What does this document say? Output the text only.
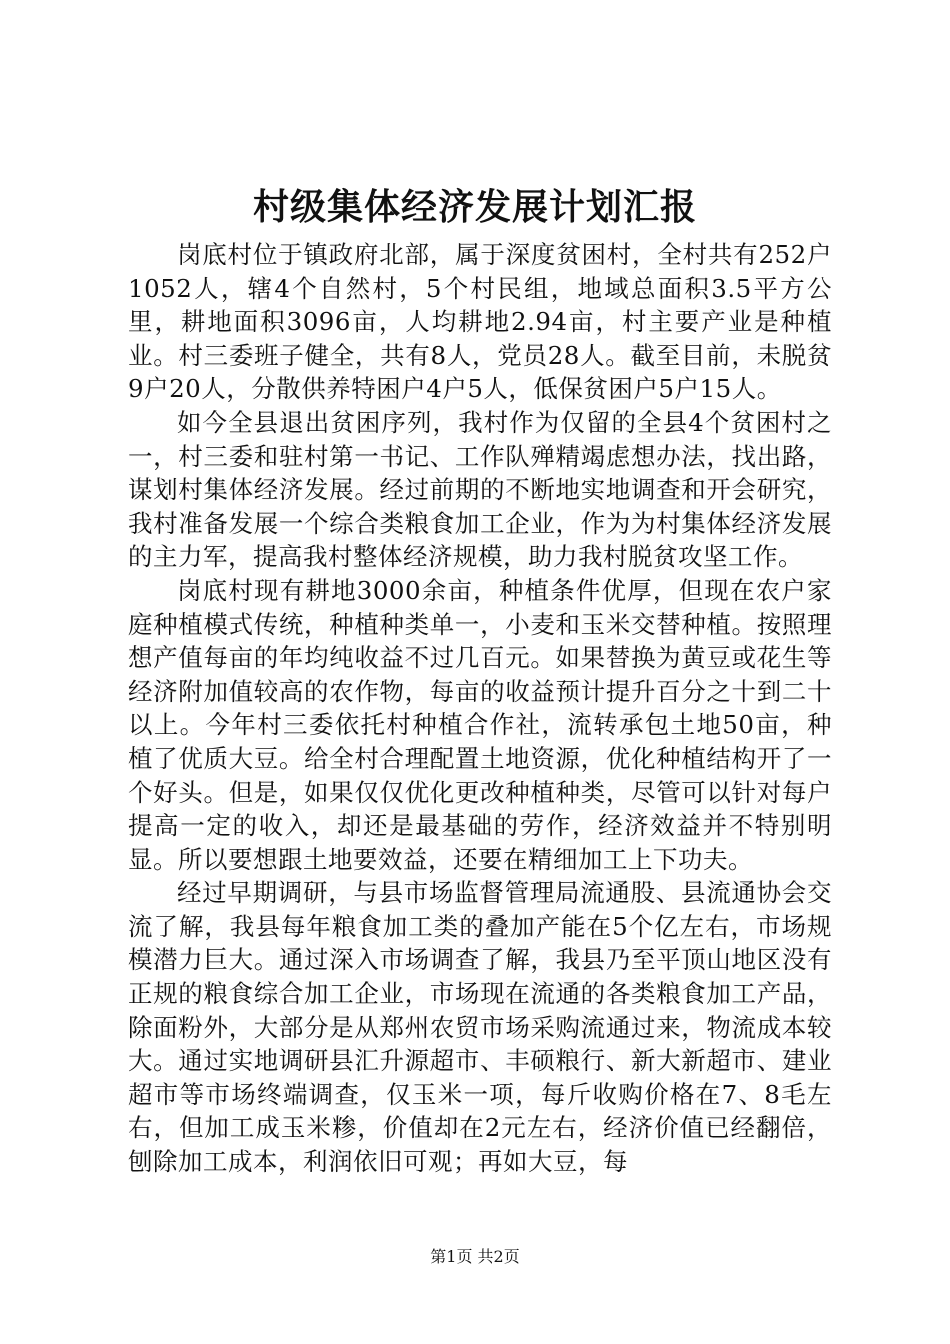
村级集体经济发展计划汇报

岗底村位于镇政府北部，属于深度贫困村，全村共有252户1052人，辖4个自然村，5个村民组，地域总面积3.5平方公里，耕地面积3096亩，人均耕地2.94亩，村主要产业是种植业。村三委班子健全，共有8人，党员28人。截至目前，未脱贫9户20人，分散供养特困户4户5人，低保贫困户5户15人。

如今全县退出贫困序列，我村作为仅留的全县4个贫困村之一，村三委和驻村第一书记、工作队殚精竭虑想办法，找出路，谋划村集体经济发展。经过前期的不断地实地调查和开会研究，我村准备发展一个综合类粮食加工企业，作为为村集体经济发展的主力军，提高我村整体经济规模，助力我村脱贫攻坚工作。

岗底村现有耕地3000余亩，种植条件优厚，但现在农户家庭种植模式传统，种植种类单一，小麦和玉米交替种植。按照理想产值每亩的年均纯收益不过几百元。如果替换为黄豆或花生等经济附加值较高的农作物，每亩的收益预计提升百分之十到二十以上。今年村三委依托村种植合作社，流转承包土地50亩，种植了优质大豆。给全村合理配置土地资源，优化种植结构开了一个好头。但是，如果仅仅优化更改种植种类，尽管可以针对每户提高一定的收入，却还是最基础的劳作，经济效益并不特别明显。所以要想跟土地要效益，还要在精细加工上下功夫。

经过早期调研，与县市场监督管理局流通股、县流通协会交流了解，我县每年粮食加工类的叠加产能在5个亿左右，市场规模潜力巨大。通过深入市场调查了解，我县乃至平顶山地区没有正规的粮食综合加工企业，市场现在流通的各类粮食加工产品，除面粉外，大部分是从郑州农贸市场采购流通过来，物流成本较大。通过实地调研县汇升源超市、丰硕粮行、新大新超市、建业超市等市场终端调查，仅玉米一项，每斤收购价格在7、8毛左右，但加工成玉米糁，价值却在2元左右，经济价值已经翻倍，刨除加工成本，利润依旧可观；再如大豆，每

第1页 共2页
